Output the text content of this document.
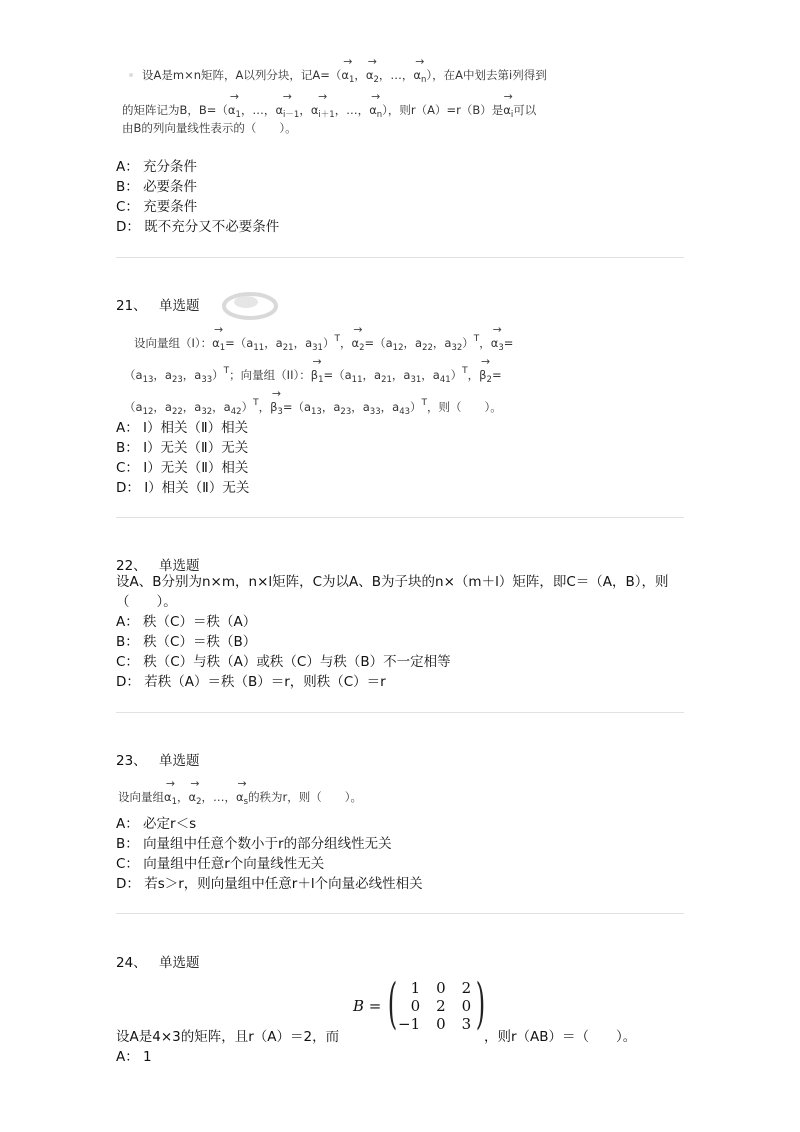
设A是m×n矩阵，A以列分块，记$A=(\to \alpha_1$，→ $\alpha_2$，…，→ $\alpha_n$），在A中划去第i列得到
的矩阵记为B，$B=(\to \alpha_1$，…，→ $\alpha_{i-1}$，→ $\alpha_{i+1}$，…，→ $\alpha_n$），则r（A）=r（B）是→ $\alpha_i$可以
由B的列向量线性表示的（　　）。
A： 充分条件
B： 必要条件
C： 充要条件
D： 既不充分又不必要条件
21、 单选题
设向量组（I）：→ $\alpha_1=(a_{11}$，$a_{21}$，$a_{31})^T$，→ $\alpha_2=(a_{12}$，$a_{22}$，$a_{32})^T$，→ $\alpha_3=$
（$a_{13}$，$a_{23}$，$a_{33})^T$；向量组（II）：→ $\beta_1=(a_{11}$，$a_{21}$，$a_{31}$，$a_{41})^T$，→ $\beta_2=$
（$a_{12}$，$a_{22}$，$a_{32}$，$a_{42})^T$，→ $\beta_3=(a_{13}$，$a_{23}$，$a_{33}$，$a_{43})^T$，则（　　）。
A： Ⅰ）相关（Ⅱ）相关
B： Ⅰ）无关（Ⅱ）无关
C： Ⅰ）无关（Ⅱ）相关
D： Ⅰ）相关（Ⅱ）无关
22、 单选题
设A、B分别为n×m，n×l矩阵，C为以A、B为子块的n×（m＋l）矩阵，即C＝（A，B），则
（　　）。
A： 秩（C）＝秩（A）
B： 秩（C）＝秩（B）
C： 秩（C）与秩（A）或秩（C）与秩（B）不一定相等
D： 若秩（A）＝秩（B）＝r，则秩（C）＝r
23、 单选题
设向量组→ $\alpha_1$，→ $\alpha_2$，…，→ $\alpha_s$的秩为r，则（　　）。
A： 必定r＜s
B： 向量组中任意个数小于r的部分组线性无关
C： 向量组中任意r个向量线性无关
D： 若s＞r，则向量组中任意r＋l个向量必线性相关
24、 单选题
B = ( 1	0	2
0	2	0
−1	0	3 )
设A是4×3的矩阵，且r（A）＝2，而	，则r（AB）＝（　　）。
A： 1
